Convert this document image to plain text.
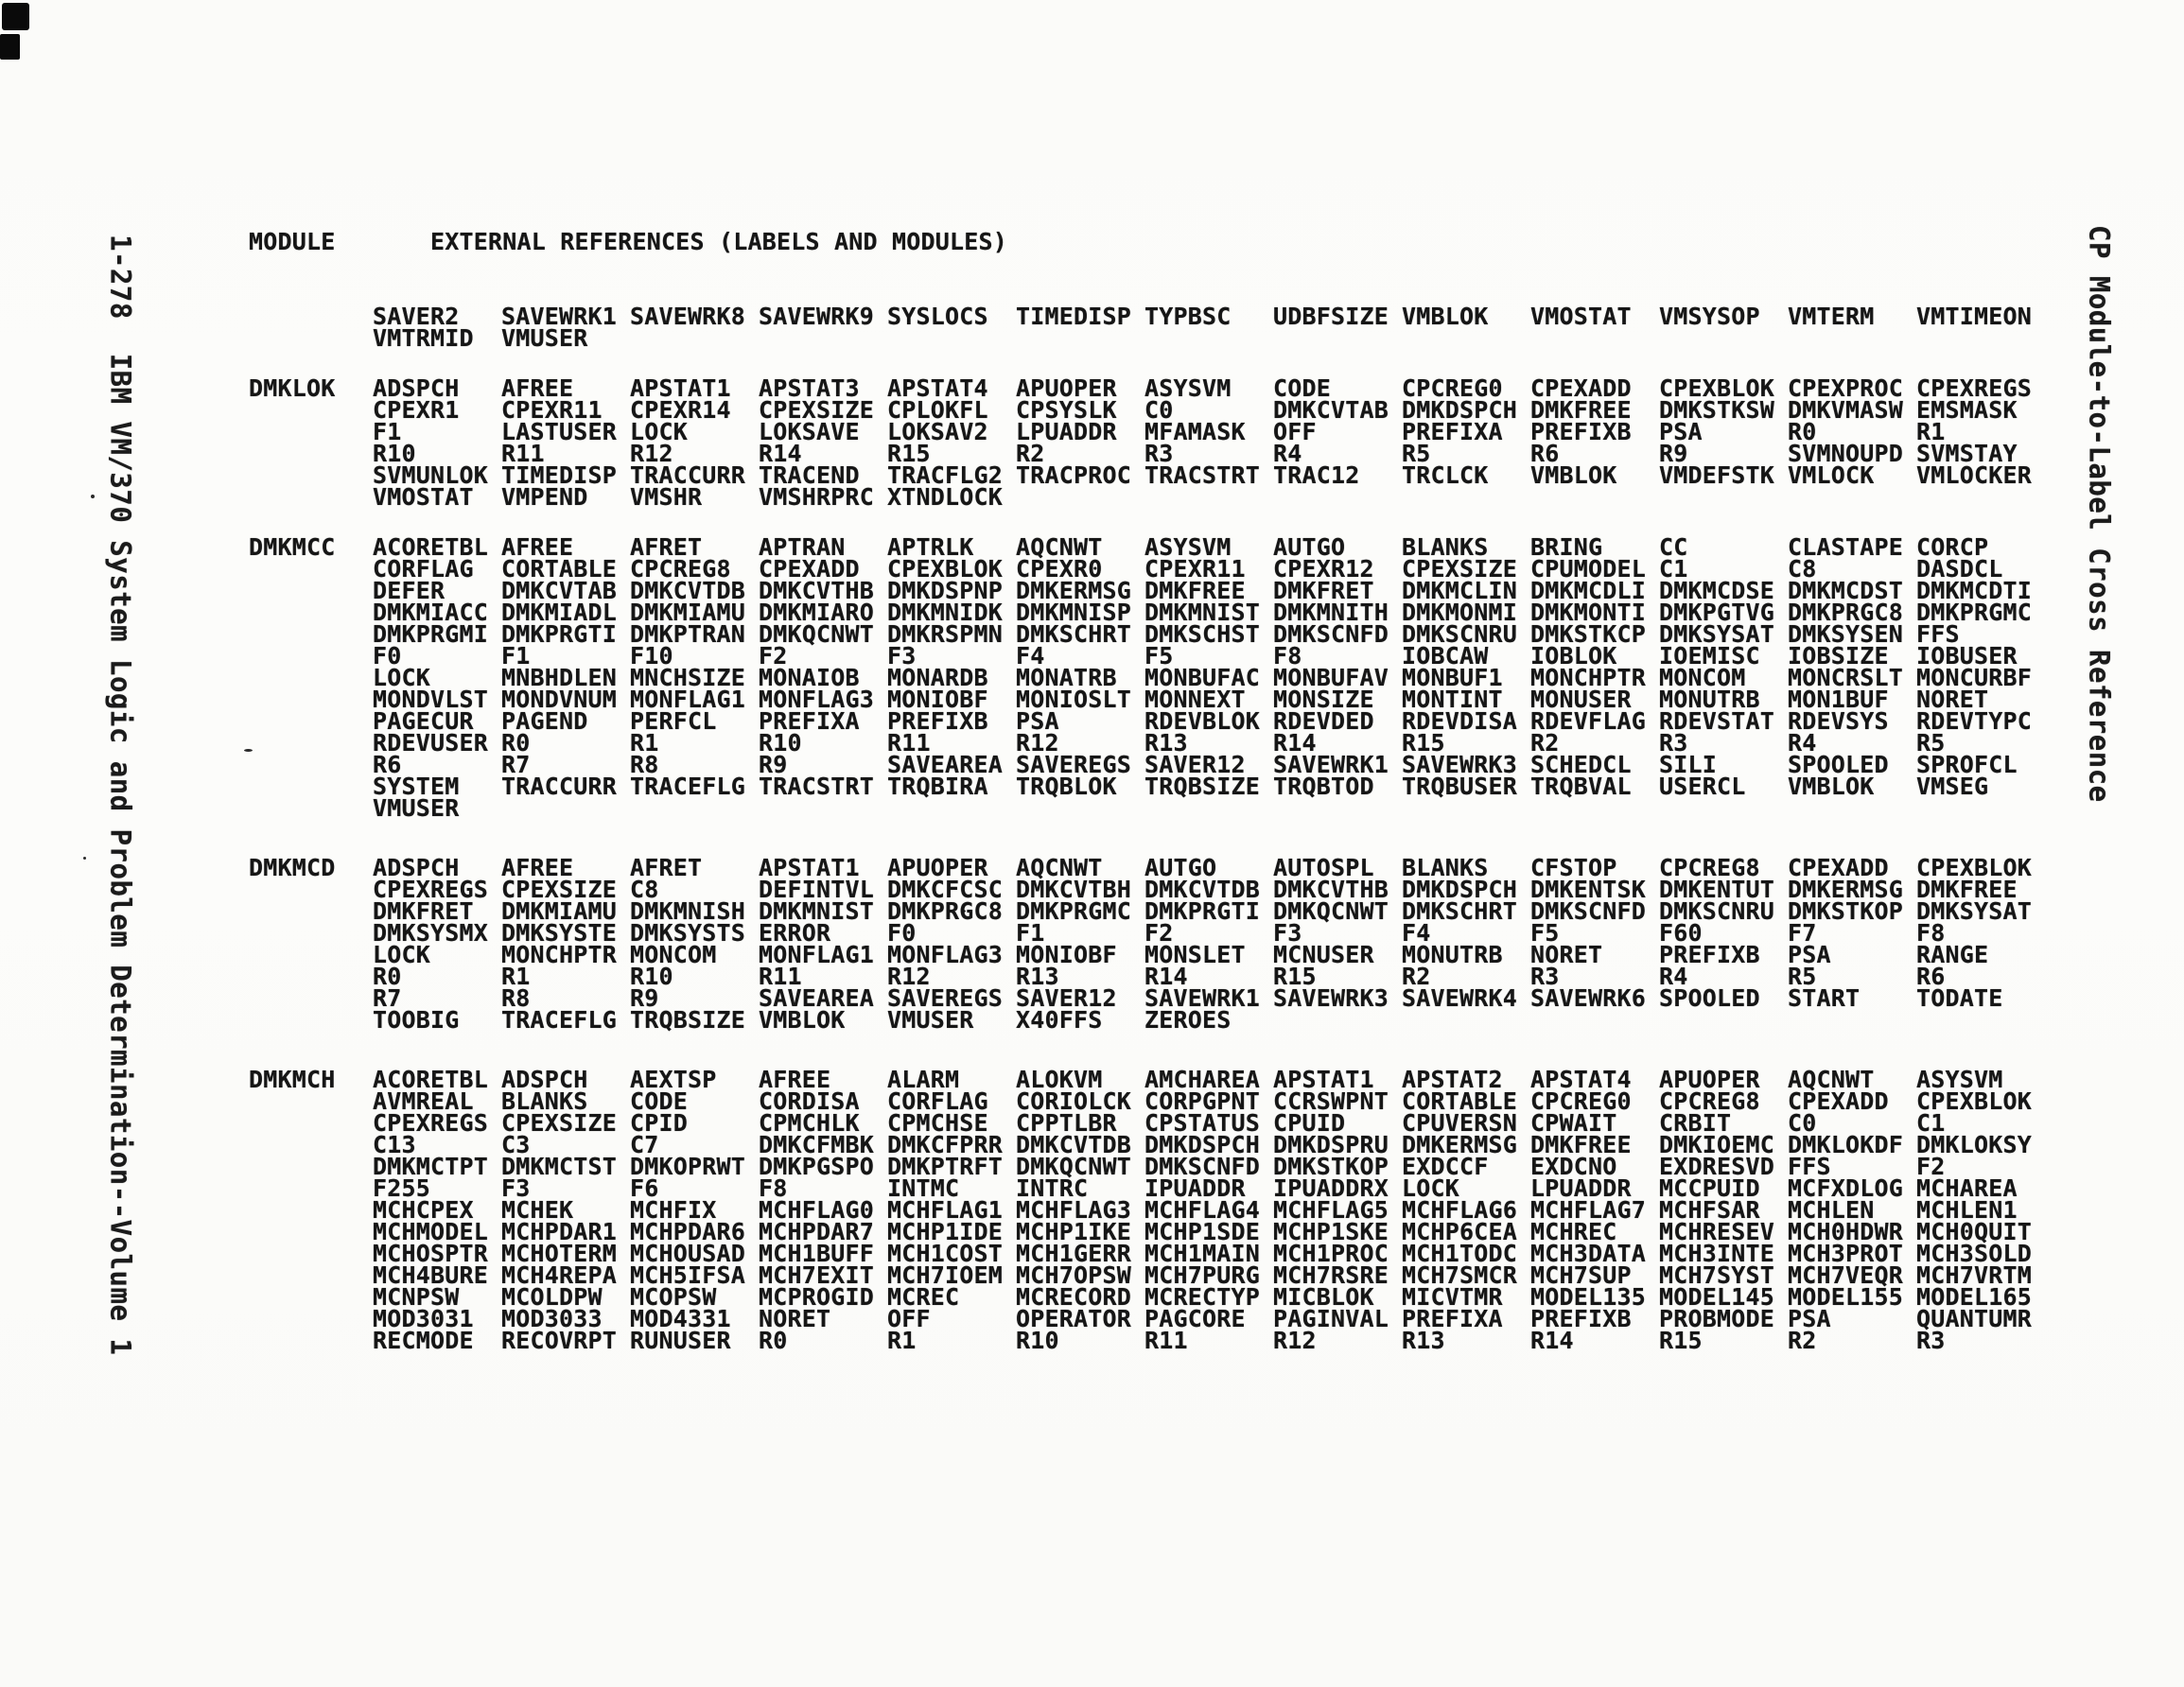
1-278  IBM VM/370 System Logic and Problem Determination--Volume 1	CP Module-to-Label Cross Reference
MODULE	EXTERNAL REFERENCES (LABELS AND MODULES)
SAVER2 SAVEWRK1 SAVEWRK8 SAVEWRK9 SYSLOCS TIMEDISP TYPBSC UDBFSIZE VMBLOK VMOSTAT VMSYSOP VMTERM VMTIMEON
VMTRMID VMUSER
DMKLOK ADSPCH AFREE APSTAT1 APSTAT3 APSTAT4 APUOPER ASYSVM CODE	CPCREG0 CPEXADD CPEXBLOK CPEXPROC CPEXREGS
CPEXR1 CPEXR11 CPEXR14 CPEXSIZE CPLOKFL CPSYSLK C0	DMKCVTAB DMKDSPCH DMKFREE DMKSTKSW DMKVMASW EMSMASK
F1	LASTUSER LOCK	LOKSAVE LOKSAV2 LPUADDR MFAMASK OFF	PREFIXA PREFIXB PSA	R0	R1
R10	R11	R12	R14	R15	R2	R3	R4	R5	R6	R9	SVMNOUPD SVMSTAY
SVMUNLOK TIMEDISP TRACCURR TRACEND TRACFLG2 TRACPROC TRACSTRT TRAC12 TRCLCK VMBLOK VMDEFSTK VMLOCK VMLOCKER
VMOSTAT VMPEND VMSHR VMSHRPRC XTNDLOCK
DMKMCC ACORETBL AFREE AFRET APTRAN APTRLK AQCNWT ASYSVM AUTGO BLANKS BRING CC	CLASTAPE CORCP
CORFLAG CORTABLE CPCREG8 CPEXADD CPEXBLOK CPEXR0 CPEXR11 CPEXR12 CPEXSIZE CPUMODEL C1	C8	DASDCL
DEFER DMKCVTAB DMKCVTDB DMKCVTHB DMKDSPNP DMKERMSG DMKFREE DMKFRET DMKMCLIN DMKMCDLI DMKMCDSE DMKMCDST DMKMCDTI
DMKMIACC DMKMIADL DMKMIAMU DMKMIARO DMKMNIDK DMKMNISP DMKMNIST DMKMNITH DMKMONMI DMKMONTI DMKPGTVG DMKPRGC8 DMKPRGMC
DMKPRGMI DMKPRGTI DMKPTRAN DMKQCNWT DMKRSPMN DMKSCHRT DMKSCHST DMKSCNFD DMKSCNRU DMKSTKCP DMKSYSAT DMKSYSEN FFS
F0	F1	F10	F2	F3	F4	F5	F8	IOBCAW IOBLOK IOEMISC IOBSIZE IOBUSER
LOCK	MNBHDLEN MNCHSIZE MONAIOB MONARDB MONATRB MONBUFAC MONBUFAV MONBUF1 MONCHPTR MONCOM MONCRSLT MONCURBF
MONDVLST MONDVNUM MONFLAG1 MONFLAG3 MONIOBF MONIOSLT MONNEXT MONSIZE MONTINT MONUSER MONUTRB MON1BUF NORET
PAGECUR PAGEND PERFCL PREFIXA PREFIXB PSA	RDEVBLOK RDEVDED RDEVDISA RDEVFLAG RDEVSTAT RDEVSYS RDEVTYPC
RDEVUSER R0	R1	R10	R11	R12	R13	R14	R15	R2	R3	R4	R5
R6	R7	R8	R9	SAVEAREA SAVEREGS SAVER12 SAVEWRK1 SAVEWRK3 SCHEDCL SILI	SPOOLED SPROFCL
SYSTEM TRACCURR TRACEFLG TRACSTRT TRQBIRA TRQBLOK TRQBSIZE TRQBTOD TRQBUSER TRQBVAL USERCL VMBLOK VMSEG
VMUSER
DMKMCD ADSPCH AFREE AFRET APSTAT1 APUOPER AQCNWT AUTGO AUTOSPL BLANKS CFSTOP CPCREG8 CPEXADD CPEXBLOK
CPEXREGS CPEXSIZE C8	DEFINTVL DMKCFCSC DMKCVTBH DMKCVTDB DMKCVTHB DMKDSPCH DMKENTSK DMKENTUT DMKERMSG DMKFREE
DMKFRET DMKMIAMU DMKMNISH DMKMNIST DMKPRGC8 DMKPRGMC DMKPRGTI DMKQCNWT DMKSCHRT DMKSCNFD DMKSCNRU DMKSTKOP DMKSYSAT
DMKSYSMX DMKSYSTE DMKSYSTS ERROR F0	F1	F2	F3	F4	F5	F60	F7	F8
LOCK	MONCHPTR MONCOM MONFLAG1 MONFLAG3 MONIOBF MONSLET MCNUSER MONUTRB NORET PREFIXB PSA	RANGE
R0	R1	R10	R11	R12	R13	R14	R15	R2	R3	R4	R5	R6
R7	R8	R9	SAVEAREA SAVEREGS SAVER12 SAVEWRK1 SAVEWRK3 SAVEWRK4 SAVEWRK6 SPOOLED START TODATE
TOOBIG TRACEFLG TRQBSIZE VMBLOK VMUSER X40FFS ZEROES
DMKMCH ACORETBL ADSPCH AEXTSP AFREE ALARM ALOKVM AMCHAREA APSTAT1 APSTAT2 APSTAT4 APUOPER AQCNWT ASYSVM
AVMREAL BLANKS CODE	CORDISA CORFLAG CORIOLCK CORPGPNT CCRSWPNT CORTABLE CPCREG0 CPCREG8 CPEXADD CPEXBLOK
CPEXREGS CPEXSIZE CPID	CPMCHLK CPMCHSE CPPTLBR CPSTATUS CPUID CPUVERSN CPWAIT CRBIT C0	C1
C13	C3	C7	DMKCFMBK DMKCFPRR DMKCVTDB DMKDSPCH DMKDSPRU DMKERMSG DMKFREE DMKIOEMC DMKLOKDF DMKLOKSY
DMKMCTPT DMKMCTST DMKOPRWT DMKPGSPO DMKPTRFT DMKQCNWT DMKSCNFD DMKSTKOP EXDCCF EXDCNO EXDRESVD FFS	F2
F255	F3	F6	F8	INTMC INTRC IPUADDR IPUADDRX LOCK	LPUADDR MCCPUID MCFXDLOG MCHAREA
MCHCPEX MCHEK MCHFIX MCHFLAG0 MCHFLAG1 MCHFLAG3 MCHFLAG4 MCHFLAG5 MCHFLAG6 MCHFLAG7 MCHFSAR MCHLEN MCHLEN1
MCHMODEL MCHPDAR1 MCHPDAR6 MCHPDAR7 MCHP1IDE MCHP1IKE MCHP1SDE MCHP1SKE MCHP6CEA MCHREC MCHRESEV MCH0HDWR MCH0QUIT
MCHOSPTR MCHOTERM MCHOUSAD MCH1BUFF MCH1COST MCH1GERR MCH1MAIN MCH1PROC MCH1TODC MCH3DATA MCH3INTE MCH3PROT MCH3SOLD
MCH4BURE MCH4REPA MCH5IFSA MCH7EXIT MCH7IOEM MCH7OPSW MCH7PURG MCH7RSRE MCH7SMCR MCH7SUP MCH7SYST MCH7VEQR MCH7VRTM
MCNPSW MCOLDPW MCOPSW MCPROGID MCREC MCRECORD MCRECTYP MICBLOK MICVTMR MODEL135 MODEL145 MODEL155 MODEL165
MOD3031 MOD3033 MOD4331 NORET OFF	OPERATOR PAGCORE PAGINVAL PREFIXA PREFIXB PROBMODE PSA	QUANTUMR
RECMODE RECOVRPT RUNUSER R0	R1	R10	R11	R12	R13	R14	R15	R2	R3
